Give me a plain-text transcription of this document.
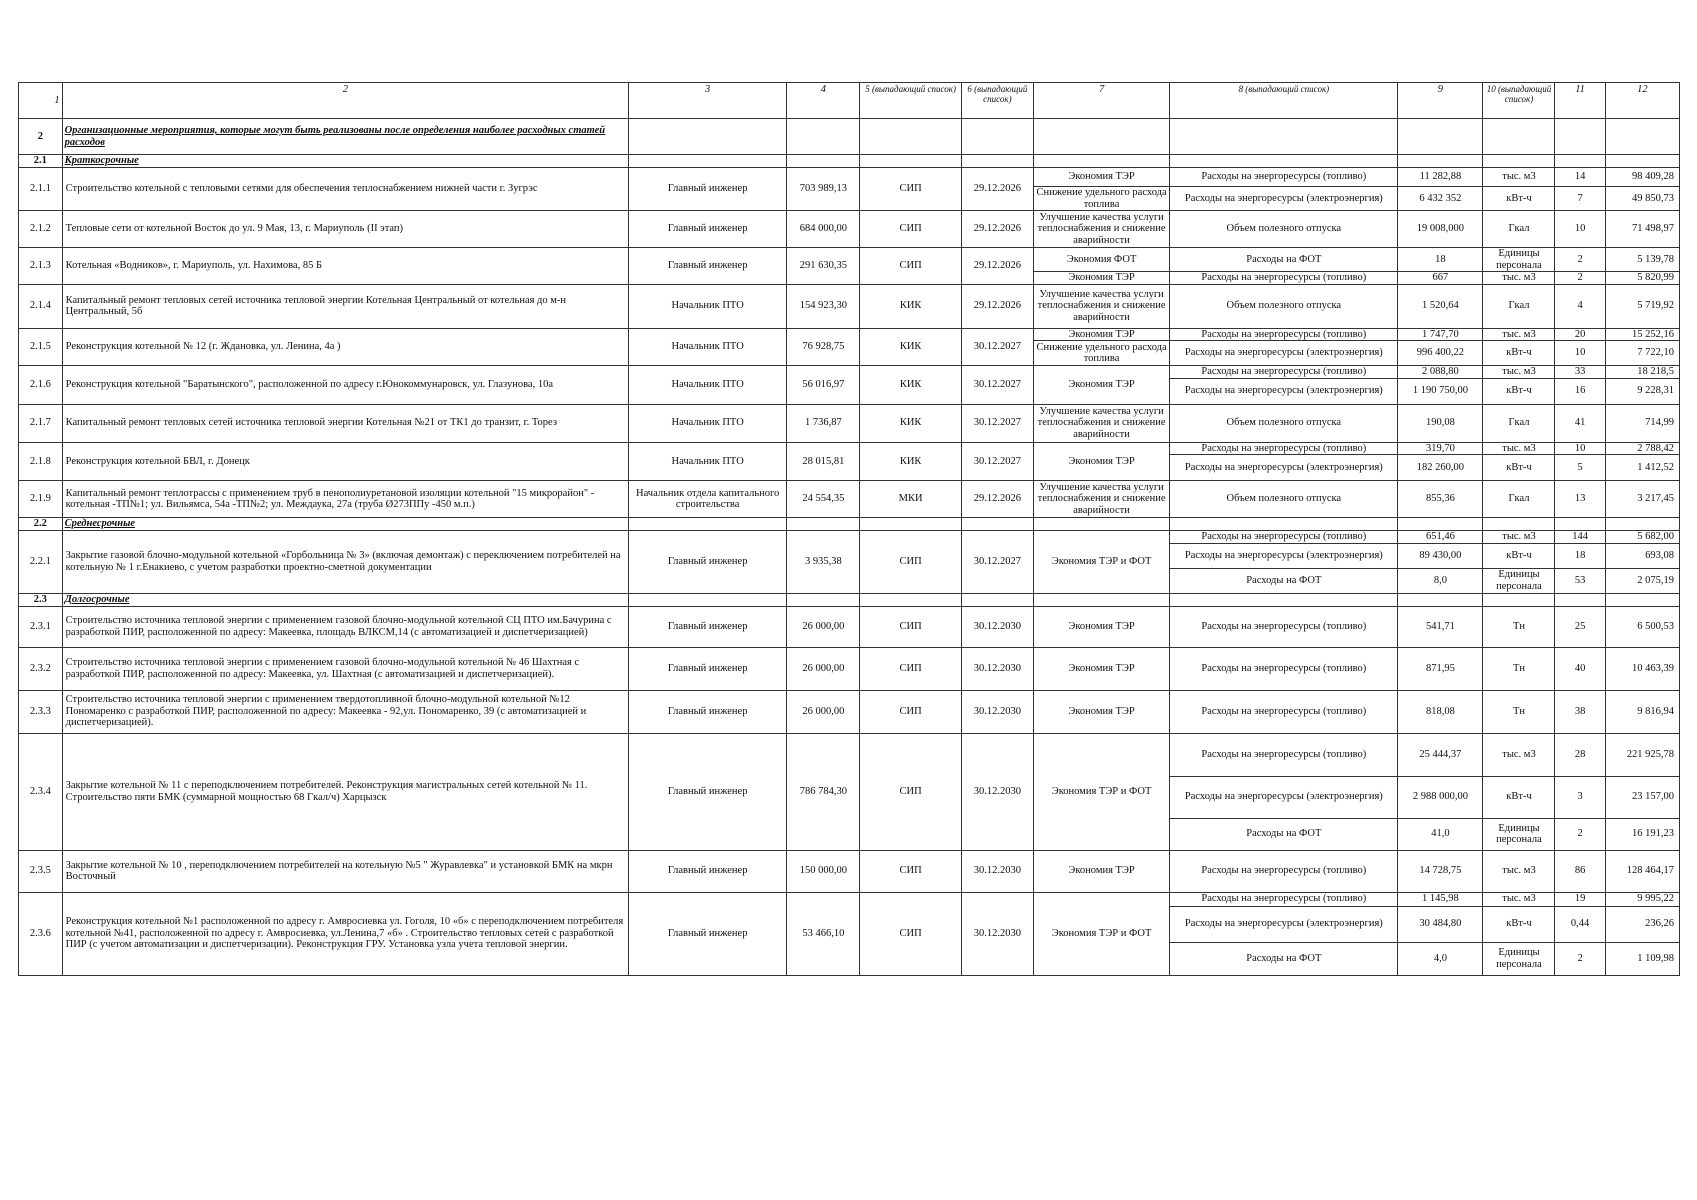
1	2	3	4	5 (выпадающий список)	6 (выпадающий список)	7	8 (выпадающий список)	9	10 (выпадающий список)	11	12
2	Организационные мероприятия, которые могут быть реализованы после определения наиболее расходных статей расходов										
2.1	Краткосрочные										
2.1.1	Строительство котельной с тепловыми сетями для обеспечения теплоснабжением нижней части г. Зугрэс	Главный инженер	703 989,13	СИП	29.12.2026	Экономия ТЭР	Расходы на энергоресурсы (топливо)	11 282,88	тыс. м3	14	98 409,28
						Снижение удельного расхода топлива	Расходы на энергоресурсы (электроэнергия)	6 432 352	кВт-ч	7	49 850,73
2.1.2	Тепловые сети от котельной Восток до ул. 9 Мая, 13, г. Мариуполь (II этап)	Главный инженер	684 000,00	СИП	29.12.2026	Улучшение качества услуги теплоснабжения и снижение аварийности	Объем полезного отпуска	19 008,000	Гкал	10	71 498,97
2.1.3	Котельная «Водников», г. Мариуполь, ул. Нахимова, 85 Б	Главный инженер	291 630,35	СИП	29.12.2026	Экономия ФОТ	Расходы на ФОТ	18	Единицы персонала	2	5 139,78
						Экономия ТЭР	Расходы на энергоресурсы (топливо)	667	тыс. м3	2	5 820,99
2.1.4	Капитальный ремонт тепловых сетей источника тепловой энергии Котельная Центральный от котельная до м-н Центральный, 5б	Начальник ПТО	154 923,30	КИК	29.12.2026	Улучшение качества услуги теплоснабжения и снижение аварийности	Объем полезного отпуска	1 520,64	Гкал	4	5 719,92
2.1.5	Реконструкция котельной № 12 (г. Ждановка, ул. Ленина, 4а )	Начальник ПТО	76 928,75	КИК	30.12.2027	Экономия ТЭР	Расходы на энергоресурсы (топливо)	1 747,70	тыс. м3	20	15 252,16
						Снижение удельного расхода топлива	Расходы на энергоресурсы (электроэнергия)	996 400,22	кВт-ч	10	7 722,10
2.1.6	Реконструкция котельной "Баратынского", расположенной по адресу г.Юнокоммунаровск, ул. Глазунова, 10а	Начальник ПТО	56 016,97	КИК	30.12.2027	Экономия ТЭР	Расходы на энергоресурсы (топливо)	2 088,80	тыс. м3	33	18 218,5
							Расходы на энергоресурсы (электроэнергия)	1 190 750,00	кВт-ч	16	9 228,31
2.1.7	Капитальный ремонт тепловых сетей источника тепловой энергии Котельная №21 от ТК1 до транзит, г. Торез	Начальник ПТО	1 736,87	КИК	30.12.2027	Улучшение качества услуги теплоснабжения и снижение аварийности	Объем полезного отпуска	190,08	Гкал	41	714,99
2.1.8	Реконструкция котельной БВЛ, г. Донецк	Начальник ПТО	28 015,81	КИК	30.12.2027	Экономия ТЭР	Расходы на энергоресурсы (топливо)	319,70	тыс. м3	10	2 788,42
							Расходы на энергоресурсы (электроэнергия)	182 260,00	кВт-ч	5	1 412,52
2.1.9	Капитальный ремонт теплотрассы с применением труб в пенополиуретановой изоляции котельной "15 микрорайон" - котельная -ТП№1; ул. Вильямса, 54а -ТП№2; ул. Междаука, 27а (труба Ø273ППу -450 м.п.)	Начальник отдела капитального строительства	24 554,35	МКИ	29.12.2026	Улучшение качества услуги теплоснабжения и снижение аварийности	Объем полезного отпуска	855,36	Гкал	13	3 217,45
2.2	Среднесрочные										
2.2.1	Закрытие газовой блочно-модульной котельной «Горбольница № 3» (включая демонтаж) с переключением потребителей на котельную № 1 г.Енакиево, с учетом разработки проектно-сметной документации	Главный инженер	3 935,38	СИП	30.12.2027	Экономия ТЭР и ФОТ	Расходы на энергоресурсы (топливо)	651,46	тыс. м3	144	5 682,00
							Расходы на энергоресурсы (электроэнергия)	89 430,00	кВт-ч	18	693,08
							Расходы на ФОТ	8,0	Единицы персонала	53	2 075,19
2.3	Долгосрочные										
2.3.1	Строительство источника тепловой энергии с применением газовой блочно-модульной котельной СЦ ПТО им.Бачурина с разработкой ПИР, расположенной по адресу: Макеевка, площадь ВЛКСМ,14 (с автоматизацией и диспетчеризацией)	Главный инженер	26 000,00	СИП	30.12.2030	Экономия ТЭР	Расходы на энергоресурсы (топливо)	541,71	Тн	25	6 500,53
2.3.2	Строительство источника тепловой энергии с применением газовой блочно-модульной котельной № 46 Шахтная с разработкой ПИР, расположенной по адресу: Макеевка, ул. Шахтная (с автоматизацией и диспетчеризацией).	Главный инженер	26 000,00	СИП	30.12.2030	Экономия ТЭР	Расходы на энергоресурсы (топливо)	871,95	Тн	40	10 463,39
2.3.3	Строительство источника тепловой энергии с применением твердотопливной блочно-модульной котельной №12 Пономаренко с разработкой ПИР, расположенной по адресу: Макеевка - 92,ул. Пономаренко, 39 (с автоматизацией и диспетчеризацией).	Главный инженер	26 000,00	СИП	30.12.2030	Экономия ТЭР	Расходы на энергоресурсы (топливо)	818,08	Тн	38	9 816,94
2.3.4	Закрытие котельной № 11 с переподключением потребителей. Реконструкция магистральных сетей котельной № 11. Строительство пяти БМК (суммарной мощностью 68 Гкал/ч) Харцызск	Главный инженер	786 784,30	СИП	30.12.2030	Экономия ТЭР и ФОТ	Расходы на энергоресурсы (топливо)	25 444,37	тыс. м3	28	221 925,78
							Расходы на энергоресурсы (электроэнергия)	2 988 000,00	кВт-ч	3	23 157,00
							Расходы на ФОТ	41,0	Единицы персонала	2	16 191,23
2.3.5	Закрытие котельной № 10 , переподключением потребителей на котельную №5 " Журавлевка" и установкой БМК на мкрн Восточный	Главный инженер	150 000,00	СИП	30.12.2030	Экономия ТЭР	Расходы на энергоресурсы (топливо)	14 728,75	тыс. м3	86	128 464,17
2.3.6	Реконструкция котельной №1 расположенной по адресу г. Амвросиевка ул. Гоголя, 10 «б» с переподключением потребителя котельной №41, расположенной по адресу г. Амвросиевка, ул.Ленина,7 «б» . Строительство тепловых сетей с разработкой ПИР (с учетом автоматизации и диспетчеризации). Реконструкция ГРУ. Установка узла учета тепловой энергии.	Главный инженер	53 466,10	СИП	30.12.2030	Экономия ТЭР и ФОТ	Расходы на энергоресурсы (топливо)	1 145,98	тыс. м3	19	9 995,22
							Расходы на энергоресурсы (электроэнергия)	30 484,80	кВт-ч	0,44	236,26
							Расходы на ФОТ	4,0	Единицы персонала	2	1 109,98
